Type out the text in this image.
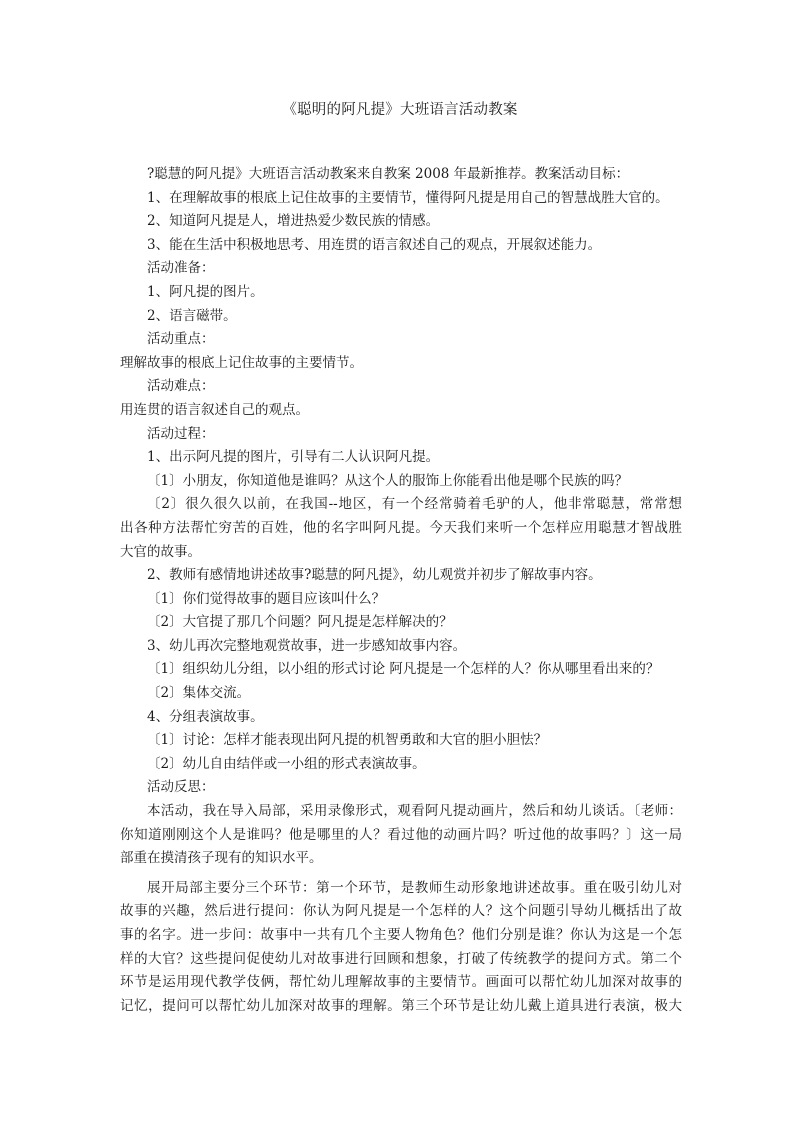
《聪明的阿凡提》大班语言活动教案
?聪慧的阿凡提》大班语言活动教案来自教案 2008 年最新推荐。教案活动目标：
1、在理解故事的根底上记住故事的主要情节，懂得阿凡提是用自己的智慧战胜大官的。
2、知道阿凡提是人，增进热爱少数民族的情感。
3、能在生活中积极地思考、用连贯的语言叙述自己的观点，开展叙述能力。
活动准备：
1、阿凡提的图片。
2、语言磁带。
活动重点：
理解故事的根底上记住故事的主要情节。
活动难点：
用连贯的语言叙述自己的观点。
活动过程：
1、出示阿凡提的图片，引导有二人认识阿凡提。
〔1〕小朋友，你知道他是谁吗？从这个人的服饰上你能看出他是哪个民族的吗？
〔2〕很久很久以前，在我国--地区，有一个经常骑着毛驴的人，他非常聪慧，常常想
出各种方法帮忙穷苦的百姓，他的名字叫阿凡提。今天我们来听一个怎样应用聪慧才智战胜
大官的故事。
2、教师有感情地讲述故事?聪慧的阿凡提》，幼儿观赏并初步了解故事内容。
〔1〕你们觉得故事的题目应该叫什么？
〔2〕大官提了那几个问题？阿凡提是怎样解决的？
3、幼儿再次完整地观赏故事，进一步感知故事内容。
〔1〕组织幼儿分组，以小组的形式讨论 阿凡提是一个怎样的人？你从哪里看出来的？
〔2〕集体交流。
4、分组表演故事。
〔1〕讨论：怎样才能表现出阿凡提的机智勇敢和大官的胆小胆怯？
〔2〕幼儿自由结伴或一小组的形式表演故事。
活动反思：
本活动，我在导入局部，采用录像形式，观看阿凡提动画片，然后和幼儿谈话。〔老师：
你知道刚刚这个人是谁吗？他是哪里的人？看过他的动画片吗？听过他的故事吗？〕这一局
部重在摸清孩子现有的知识水平。
展开局部主要分三个环节：第一个环节，是教师生动形象地讲述故事。重在吸引幼儿对
故事的兴趣，然后进行提问：你认为阿凡提是一个怎样的人？这个问题引导幼儿概括出了故
事的名字。进一步问：故事中一共有几个主要人物角色？他们分别是谁？你认为这是一个怎
样的大官？这些提问促使幼儿对故事进行回顾和想象，打破了传统教学的提问方式。第二个
环节是运用现代教学伎俩，帮忙幼儿理解故事的主要情节。画面可以帮忙幼儿加深对故事的
记忆，提问可以帮忙幼儿加深对故事的理解。第三个环节是让幼儿戴上道具进行表演，极大
